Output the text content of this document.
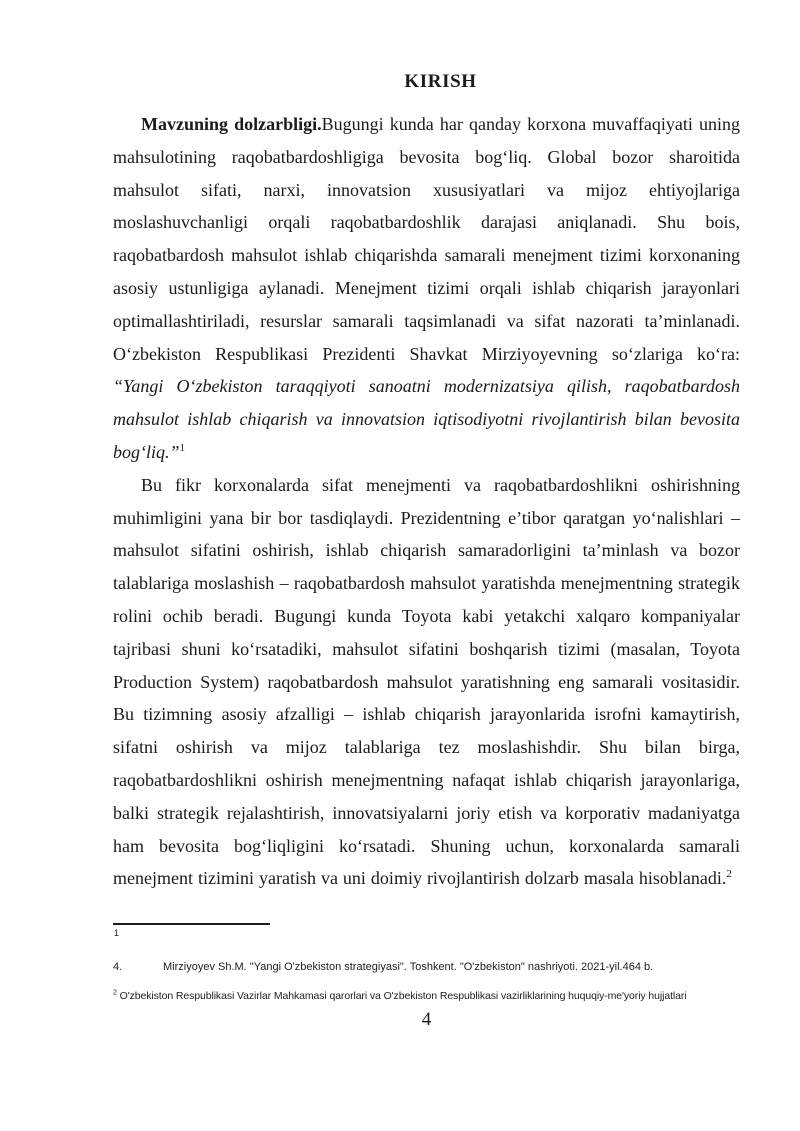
KIRISH

Mavzuning dolzarbligi.Bugungi kunda har qanday korxona muvaffaqiyati uning mahsulotining raqobatbardoshligiga bevosita bog‘liq. Global bozor sharoitida mahsulot sifati, narxi, innovatsion xususiyatlari va mijoz ehtiyojlariga moslashuvchanligi orqali raqobatbardoshlik darajasi aniqlanadi. Shu bois, raqobatbardosh mahsulot ishlab chiqarishda samarali menejment tizimi korxonaning asosiy ustunligiga aylanadi. Menejment tizimi orqali ishlab chiqarish jarayonlari optimallashtiriladi, resurslar samarali taqsimlanadi va sifat nazorati ta’minlanadi. O‘zbekiston Respublikasi Prezidenti Shavkat Mirziyoyevning so‘zlariga ko‘ra: “Yangi O‘zbekiston taraqqiyoti sanoatni modernizatsiya qilish, raqobatbardosh mahsulot ishlab chiqarish va innovatsion iqtisodiyotni rivojlantirish bilan bevosita bog‘liq.”$^1$

Bu fikr korxonalarda sifat menejmenti va raqobatbardoshlikni oshirishning muhimligini yana bir bor tasdiqlaydi. Prezidentning e’tibor qaratgan yo‘nalishlari – mahsulot sifatini oshirish, ishlab chiqarish samaradorligini ta’minlash va bozor talablariga moslashish – raqobatbardosh mahsulot yaratishda menejmentning strategik rolini ochib beradi. Bugungi kunda Toyota kabi yetakchi xalqaro kompaniyalar tajribasi shuni ko‘rsatadiki, mahsulot sifatini boshqarish tizimi (masalan, Toyota Production System) raqobatbardosh mahsulot yaratishning eng samarali vositasidir. Bu tizimning asosiy afzalligi – ishlab chiqarish jarayonlarida isrofni kamaytirish, sifatni oshirish va mijoz talablariga tez moslashishdir. Shu bilan birga, raqobatbardoshlikni oshirish menejmentning nafaqat ishlab chiqarish jarayonlariga, balki strategik rejalashtirish, innovatsiyalarni joriy etish va korporativ madaniyatga ham bevosita bog‘liqligini ko‘rsatadi. Shuning uchun, korxonalarda samarali menejment tizimini yaratish va uni doimiy rivojlantirish dolzarb masala hisoblanadi.$^2$

1
4.	Mirziyoyev Sh.M. "Yangi O'zbekiston strategiyasi". Toshkent. "O'zbekiston" nashriyoti. 2021-yil.464 b.
$^2$ O'zbekiston Respublikasi Vazirlar Mahkamasi qarorlari va O'zbekiston Respublikasi vazirliklarining huquqiy-me'yoriy hujjatlari
4
